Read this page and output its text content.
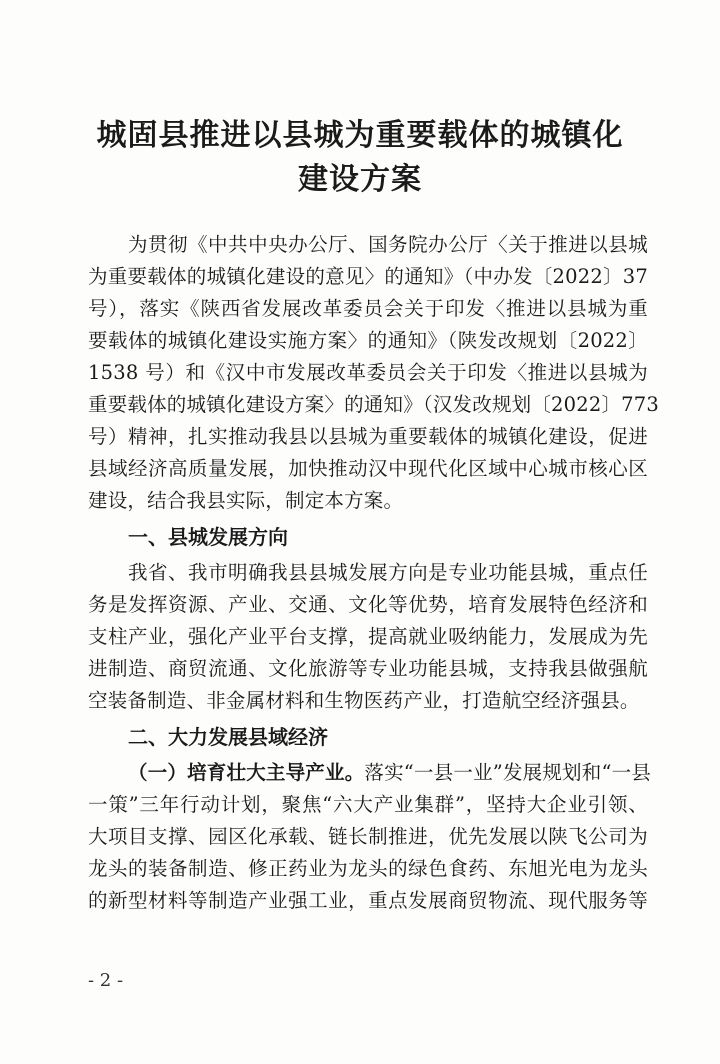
城固县推进以县城为重要载体的城镇化
建设方案
为贯彻《中共中央办公厅、国务院办公厅〈关于推进以县城
为重要载体的城镇化建设的意见〉的通知》（中办发〔2022〕37
号），落实《陕西省发展改革委员会关于印发〈推进以县城为重
要载体的城镇化建设实施方案〉的通知》（陕发改规划〔2022〕
1538 号）和《汉中市发展改革委员会关于印发〈推进以县城为
重要载体的城镇化建设方案〉的通知》（汉发改规划〔2022〕773
号）精神，扎实推动我县以县城为重要载体的城镇化建设，促进
县域经济高质量发展，加快推动汉中现代化区域中心城市核心区
建设，结合我县实际，制定本方案。
一、县城发展方向
我省、我市明确我县县城发展方向是专业功能县城，重点任
务是发挥资源、产业、交通、文化等优势，培育发展特色经济和
支柱产业，强化产业平台支撑，提高就业吸纳能力，发展成为先
进制造、商贸流通、文化旅游等专业功能县城，支持我县做强航
空装备制造、非金属材料和生物医药产业，打造航空经济强县。
二、大力发展县域经济
（一）培育壮大主导产业。落实“一县一业”发展规划和“一县
一策”三年行动计划，聚焦“六大产业集群”，坚持大企业引领、
大项目支撑、园区化承载、链长制推进，优先发展以陕飞公司为
龙头的装备制造、修正药业为龙头的绿色食药、东旭光电为龙头
的新型材料等制造产业强工业，重点发展商贸物流、现代服务等
- 2 -
